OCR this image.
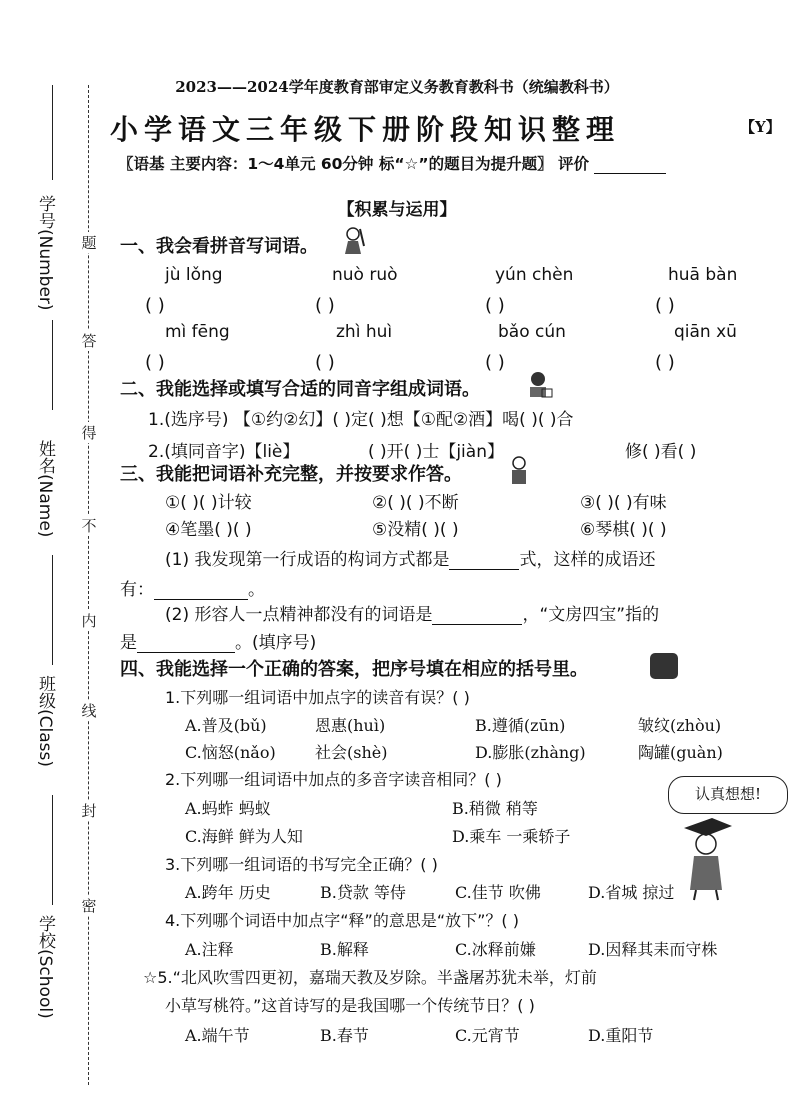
学号(Number)
姓名(Name)
班级(Class)
学校(School)
题
答
得
不
内
线
封
密
2023——2024学年度教育部审定义务教育教科书（统编教科书）
小学语文三年级下册阶段知识整理	【Y】
〖语基 主要内容：1～4单元 60分钟 标“☆”的题目为提升题〗 评价
【积累与运用】
一、我会看拼音写词语。
jù lǒng	nuò ruò	yún chèn	huā bàn
( )	( )	( )	( )
mì fēng	zhì huì	bǎo cún	qiān xū
( )	( )	( )	( )
二、我能选择或填写合适的同音字组成词语。
1.(选序号) 【①约②幻】( )定( )想【①配②酒】喝( )( )合
2.(填同音字)【liè】	( )开( )士【jiàn】	修( )看( )
三、我能把词语补充完整，并按要求作答。
①( )( )计较	②( )( )不断	③( )( )有味
④笔墨( )( )	⑤没精( )( )	⑥琴棋( )( )
(1) 我发现第一行成语的构词方式都是	式，这样的成语还
有：	。
(2) 形容人一点精神都没有的词语是	，“文房四宝”指的
是	。(填序号)
四、我能选择一个正确的答案，把序号填在相应的括号里。
1.下列哪一组词语中加点字的读音有误？( )
A.普及(bǔ)	恩惠(huì)	B.遵循(zūn)	皱纹(zhòu)
C.恼怒(nǎo) 社会(shè)	D.膨胀(zhàng)	陶罐(guàn)
2.下列哪一组词语中加点的多音字读音相同？( )
A.蚂蚱 蚂蚁	B.稍微 稍等
C.海鲜 鲜为人知	D.乘车 一乘轿子
认真想想!
3.下列哪一组词语的书写完全正确？( )
A.跨年 历史	B.贷款 等侍	C.佳节 吹佛	D.省城 掠过
4.下列哪个词语中加点字“释”的意思是“放下”？( )
A.注释	B.解释	C.冰释前嫌	D.因释其耒而守株
☆5.“北风吹雪四更初，嘉瑞天教及岁除。半盏屠苏犹未举，灯前
小草写桃符。”这首诗写的是我国哪一个传统节日？( )
A.端午节	B.春节	C.元宵节	D.重阳节
